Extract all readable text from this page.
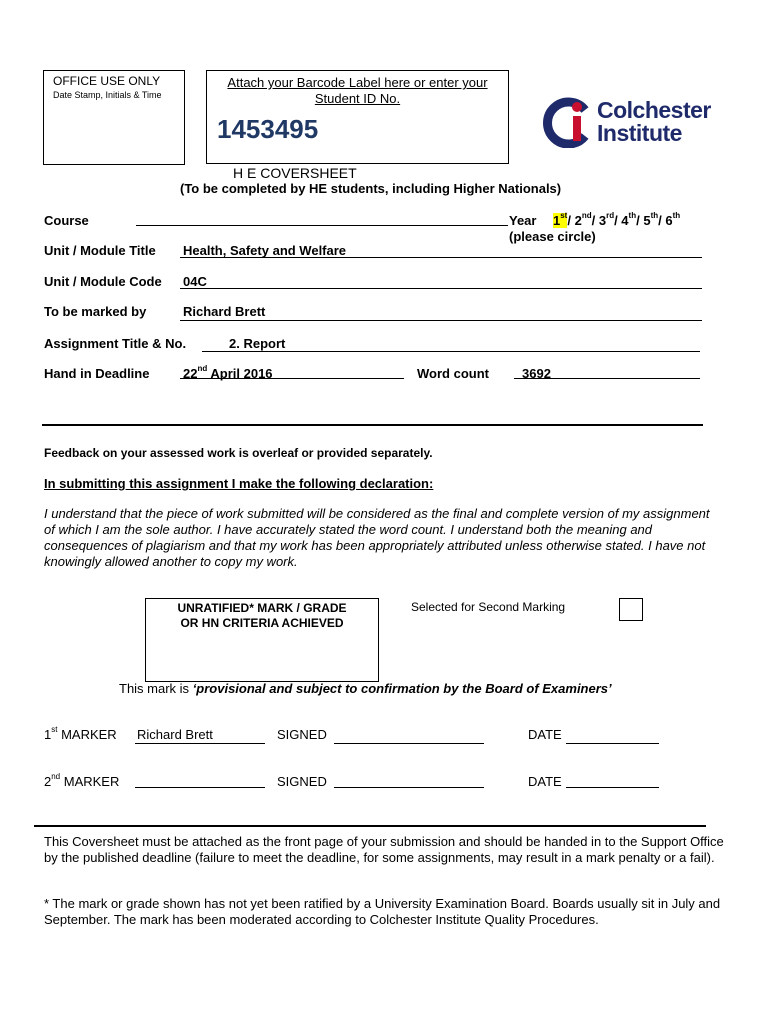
OFFICE USE ONLY
Date Stamp, Initials & Time
Attach your Barcode Label here or enter your Student ID No.
1453495
Colchester
Institute
H E COVERSHEET
(To be completed by HE students, including Higher Nationals)
Course	Year 1st/ 2nd/ 3rd/ 4th/ 5th/ 6th
(please circle)
Unit / Module Title Health, Safety and Welfare
Unit / Module Code 04C
To be marked by	Richard Brett
Assignment Title & No.	2. Report
Hand in Deadline	22nd April 2016	Word count	3692
Feedback on your assessed work is overleaf or provided separately.
In submitting this assignment I make the following declaration:
I understand that the piece of work submitted will be considered as the final and complete version of my assignment of which I am the sole author. I have accurately stated the word count. I understand both the meaning and consequences of plagiarism and that my work has been appropriately attributed unless otherwise stated. I have not knowingly allowed another to copy my work.
UNRATIFIED* MARK / GRADE
OR HN CRITERIA ACHIEVED
Selected for Second Marking
This mark is ‘provisional and subject to confirmation by the Board of Examiners’
1st MARKER Richard Brett	SIGNED	DATE
2nd MARKER	SIGNED	DATE
This Coversheet must be attached as the front page of your submission and should be handed in to the Support Office by the published deadline (failure to meet the deadline, for some assignments, may result in a mark penalty or a fail).
* The mark or grade shown has not yet been ratified by a University Examination Board. Boards usually sit in July and September. The mark has been moderated according to Colchester Institute Quality Procedures.
